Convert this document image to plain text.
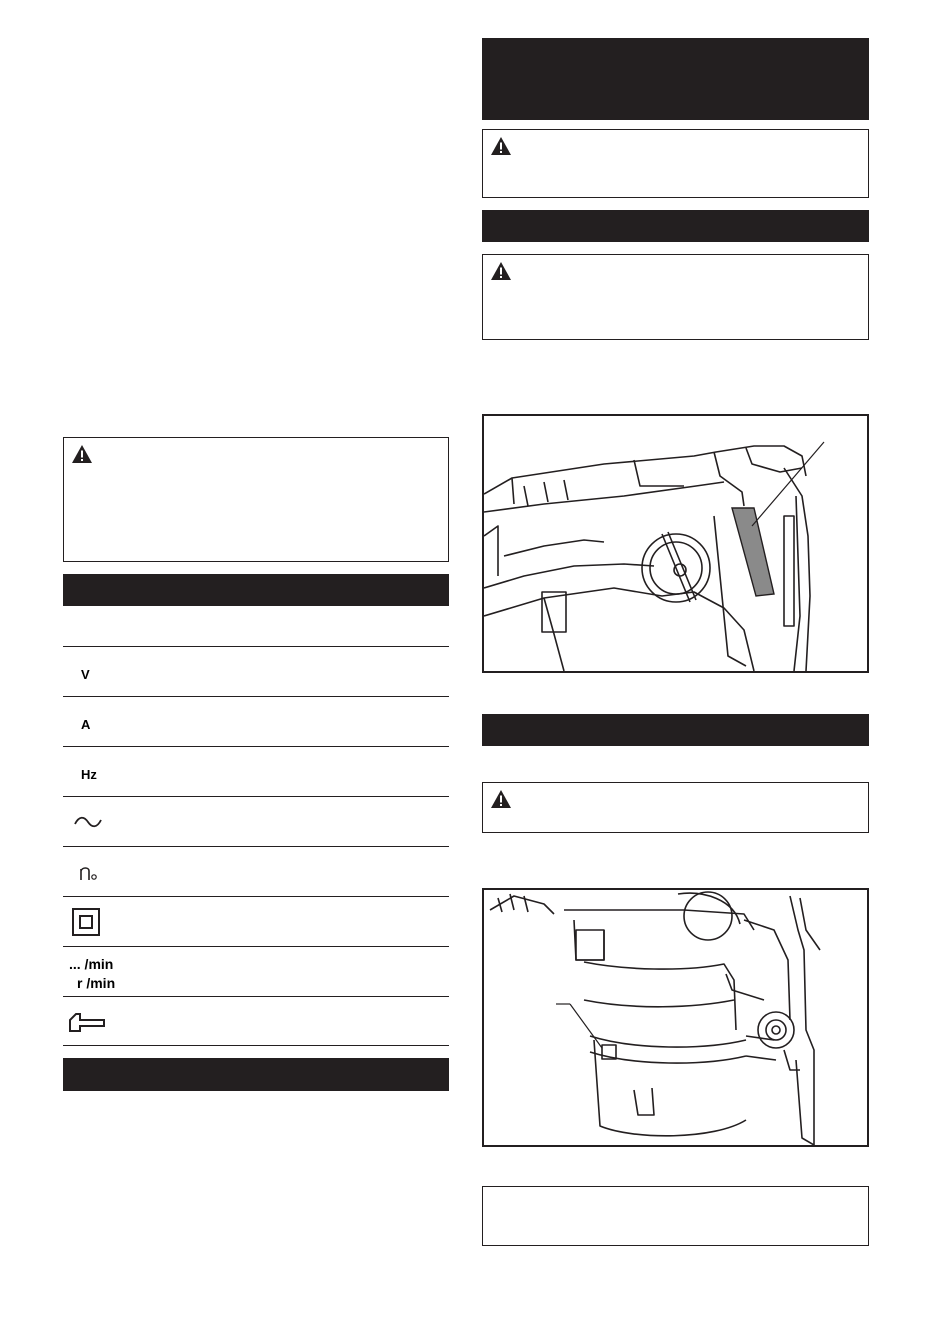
V
A
Hz
... /min
r /min
